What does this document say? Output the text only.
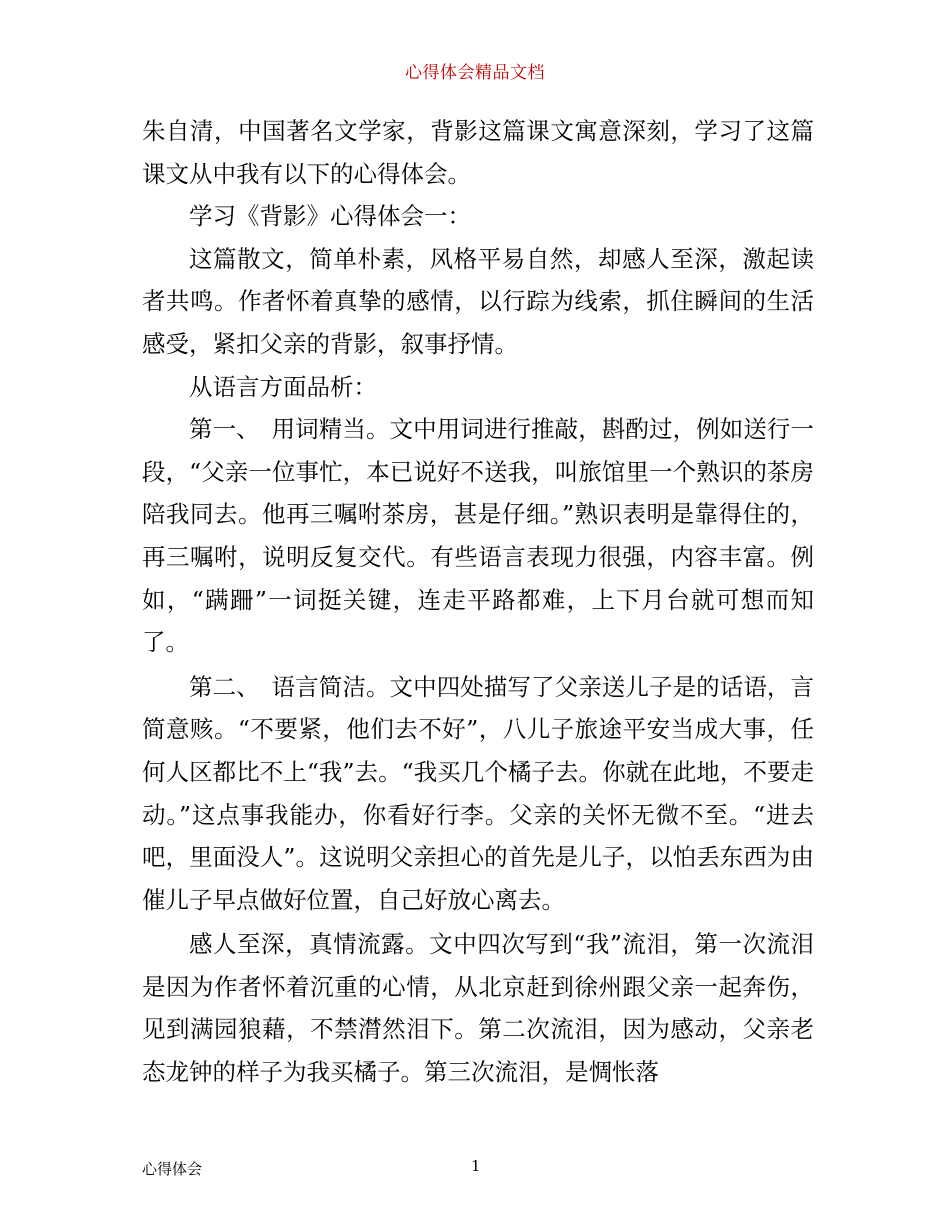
心得体会精品文档

朱自清，中国著名文学家，背影这篇课文寓意深刻，学习了这篇课文从中我有以下的心得体会。

学习《背影》心得体会一：

这篇散文，简单朴素，风格平易自然，却感人至深，激起读者共鸣。作者怀着真挚的感情，以行踪为线索，抓住瞬间的生活感受，紧扣父亲的背影，叙事抒情。

从语言方面品析：

第一、　用词精当。文中用词进行推敲，斟酌过，例如送行一段，“父亲一位事忙，本已说好不送我，叫旅馆里一个熟识的茶房陪我同去。他再三嘱咐茶房，甚是仔细。”熟识表明是靠得住的，再三嘱咐，说明反复交代。有些语言表现力很强，内容丰富。例如，“蹒跚”一词挺关键，连走平路都难，上下月台就可想而知了。

第二、　语言简洁。文中四处描写了父亲送儿子是的话语，言简意赅。“不要紧，他们去不好”，八儿子旅途平安当成大事，任何人区都比不上“我”去。“我买几个橘子去。你就在此地，不要走动。”这点事我能办，你看好行李。父亲的关怀无微不至。“进去吧，里面没人”。这说明父亲担心的首先是儿子，以怕丢东西为由催儿子早点做好位置，自己好放心离去。

感人至深，真情流露。文中四次写到“我”流泪，第一次流泪是因为作者怀着沉重的心情，从北京赶到徐州跟父亲一起奔伤，见到满园狼藉，不禁潸然泪下。第二次流泪，因为感动，父亲老态龙钟的样子为我买橘子。第三次流泪，是惆怅落

心得体会	1
